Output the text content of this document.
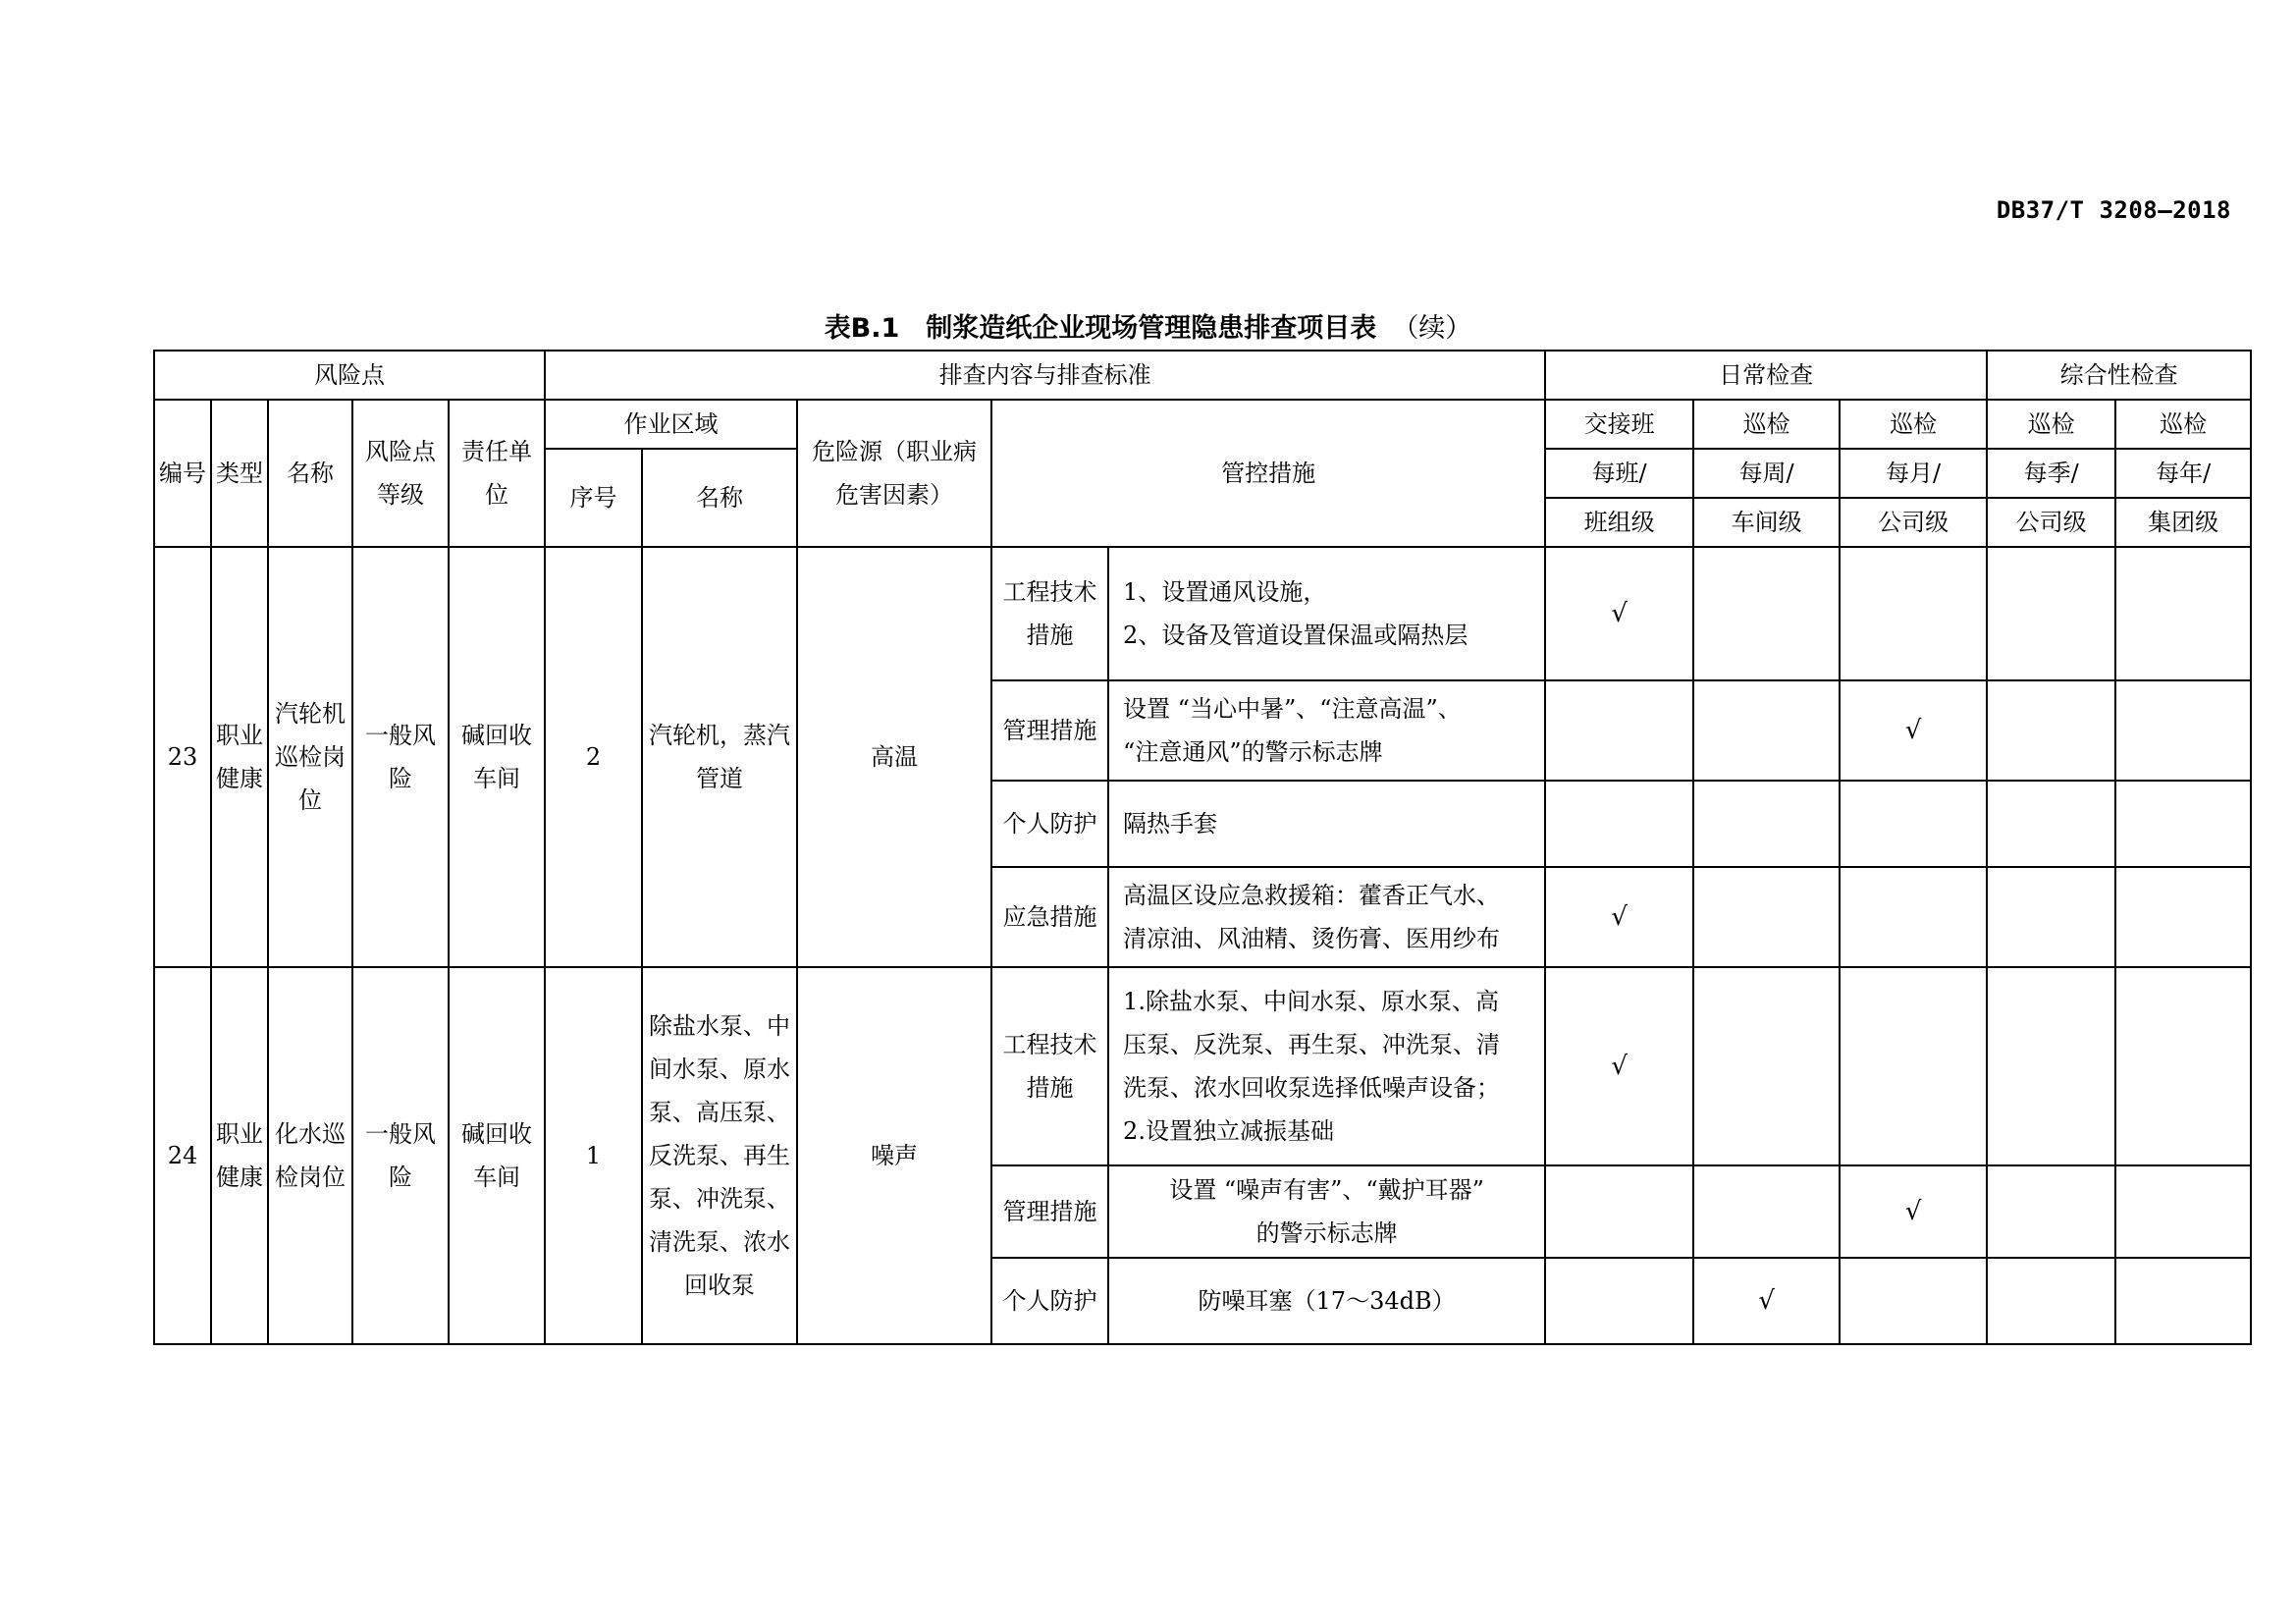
DB37/T 3208—2018
表B.1　制浆造纸企业现场管理隐患排查项目表 （续）
风险点					排查内容与排查标准					日常检查			综合性检查	
编号	类型	名称	风险点等级	责任单位	作业区域		危险源（职业病危害因素）	管控措施		交接班	巡检	巡检	巡检	巡检
					序号	名称				每班/	每周/	每月/	每季/	每年/
										班组级	车间级	公司级	公司级	集团级
23	职业健康	汽轮机巡检岗位	一般风险	碱回收车间	2	汽轮机，蒸汽管道	高温	工程技术措施	1、设置通风设施，
2、设备及管道设置保温或隔热层	√				
								管理措施	设置 “当心中暑”、“注意高温”、
“注意通风”的警示标志牌			√		
								个人防护	隔热手套					

								应急措施	高温区设应急救援箱：藿香正气水、
清凉油、风油精、烫伤膏、医用纱布	√				
24	职业健康	化水巡检岗位	一般风险	碱回收车间	1	除盐水泵、中间水泵、原水泵、高压泵、反洗泵、再生泵、冲洗泵、清洗泵、浓水回收泵	噪声	工程技术措施	1.除盐水泵、中间水泵、原水泵、高
压泵、反洗泵、再生泵、冲洗泵、清
洗泵、浓水回收泵选择低噪声设备；
2.设置独立减振基础	√				
								管理措施	设置 “噪声有害”、“戴护耳器”
的警示标志牌			√		
								个人防护	防噪耳塞（17～34dB）		√			
